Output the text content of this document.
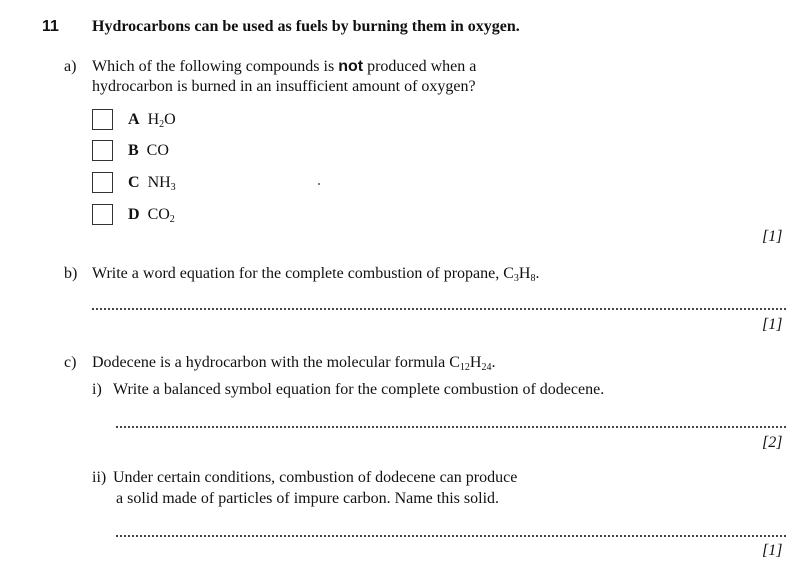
11 Hydrocarbons can be used as fuels by burning them in oxygen.
a) Which of the following compounds is not produced when a
hydrocarbon is burned in an insufficient amount of oxygen?
A $H_2O$
B CO
C $NH_3$
D $CO_2$
[1]
b) Write a word equation for the complete combustion of propane, $C_3H_8$.
[1]
c) Dodecene is a hydrocarbon with the molecular formula $C_{12}H_{24}$.
i) Write a balanced symbol equation for the complete combustion of dodecene.
[2]
ii) Under certain conditions, combustion of dodecene can produce
a solid made of particles of impure carbon. Name this solid.
[1]
